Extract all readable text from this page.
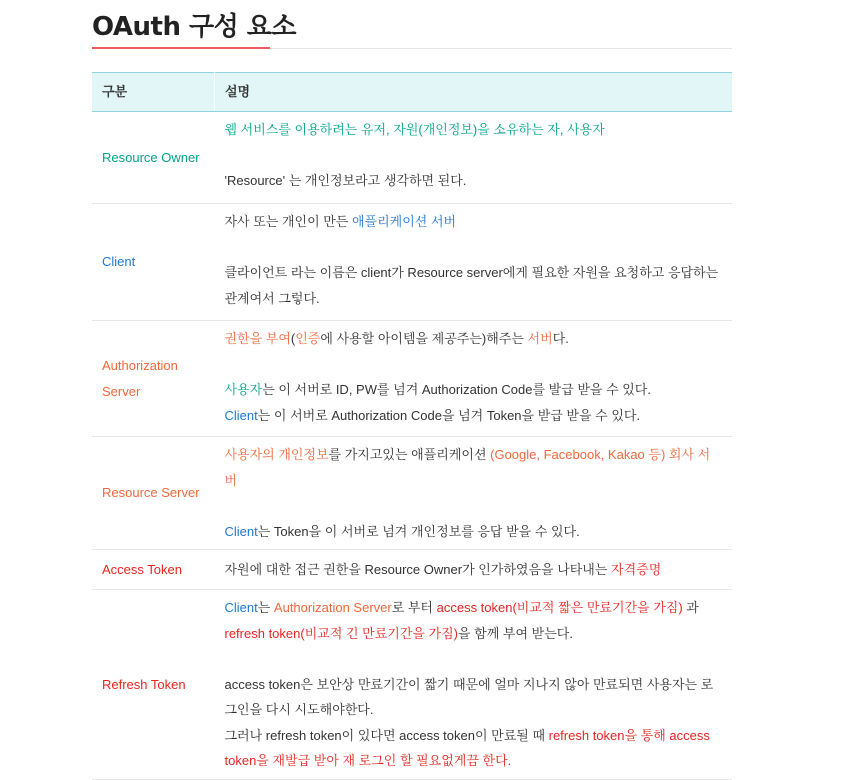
OAuth 구성 요소
구분	설명
Resource Owner	웹 서비스를 이용하려는 유저, 자원(개인정보)을 소유하는 자, 사용자
'Resource' 는 개인정보라고 생각하면 된다.

Client	자사 또는 개인이 만든 애플리케이션 서버
클라이언트 라는 이름은 client가 Resource server에게 필요한 자원을 요청하고 응답하는 관계여서 그렇다.

Authorization Server	권한을 부여(인증에 사용할 아이템을 제공주는)해주는 서버다.
사용자는 이 서버로 ID, PW를 넘겨 Authorization Code를 발급 받을 수 있다.
Client는 이 서버로 Authorization Code을 넘겨 Token을 받급 받을 수 있다.

Resource Server	사용자의 개인정보를 가지고있는 애플리케이션 (Google, Facebook, Kakao 등) 회사 서버
Client는 Token을 이 서버로 넘겨 개인정보를 응답 받을 수 있다.

Access Token	자원에 대한 접근 권한을 Resource Owner가 인가하였음을 나타내는 자격증명

Refresh Token	Client는 Authorization Server로 부터 access token(비교적 짧은 만료기간을 가짐) 과 refresh token(비교적 긴 만료기간을 가짐)을 함께 부여 받는다.
access token은 보안상 만료기간이 짧기 때문에 얼마 지나지 않아 만료되면 사용자는 로그인을 다시 시도해야한다.
그러나 refresh token이 있다면 access token이 만료될 때 refresh token을 통해 access token을 재발급 받아 재 로그인 할 필요없게끔 한다.
